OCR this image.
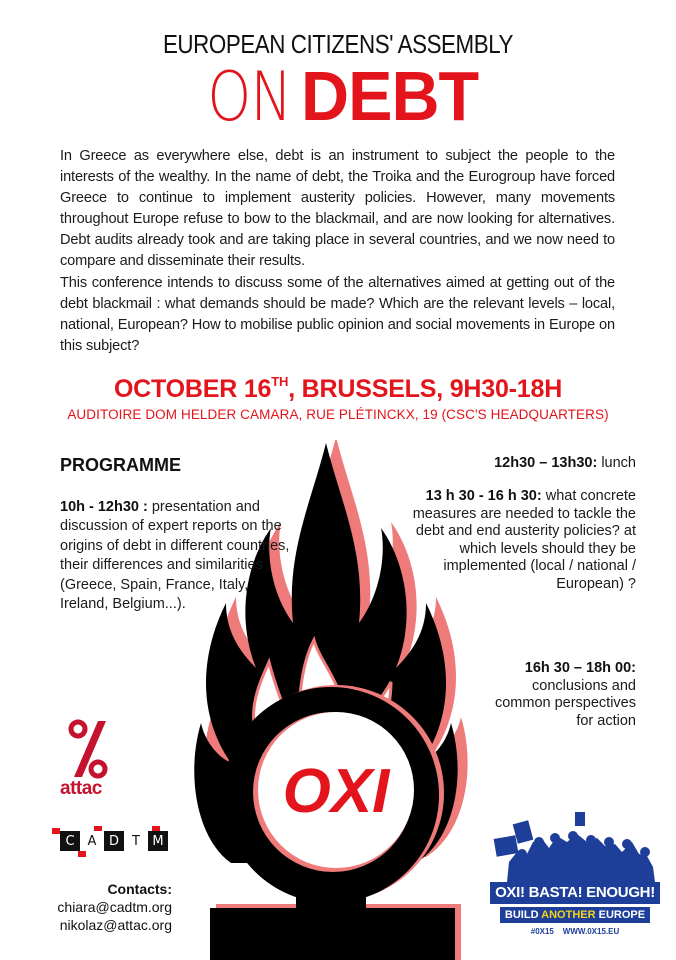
EUROPEAN CITIZENS' ASSEMBLY
ON DEBT
In Greece as everywhere else, debt is an instrument to subject the people to the interests of the wealthy. In the name of debt, the Troika and the Eurogroup have forced Greece to continue to implement austerity policies. However, many movements throughout Europe refuse to bow to the blackmail, and are now looking for alternatives. Debt audits already took and are taking place in several countries, and we now need to compare and disseminate their results.
This conference intends to discuss some of the alternatives aimed at getting out of the debt blackmail : what demands should be made? Which are the relevant levels – local, national, European? How to mobilise public opinion and social movements in Europe on this subject?
OCTOBER 16TH, BRUSSELS, 9H30-18H
AUDITOIRE DOM HELDER CAMARA, RUE PLÉTINCKX, 19 (CSC'S HEADQUARTERS)
OXI
PROGRAMME
10h - 12h30 : presentation and discussion of expert reports on the origins of debt in different countries, their differences and similarities (Greece, Spain, France, Italy, Ireland, Belgium...).
12h30 – 13h30: lunch
13 h 30 - 16 h 30: what concrete measures are needed to tackle the debt and end austerity policies? at which levels should they be implemented (local / national / European) ?
16h 30 – 18h 00: conclusions and common perspectives for action
attac
C	A D	T M
Contacts:
chiara@cadtm.org
nikolaz@attac.org
OXI! BASTA! ENOUGH!
BUILD ANOTHER EUROPE
#0X15    WWW.0X15.EU
